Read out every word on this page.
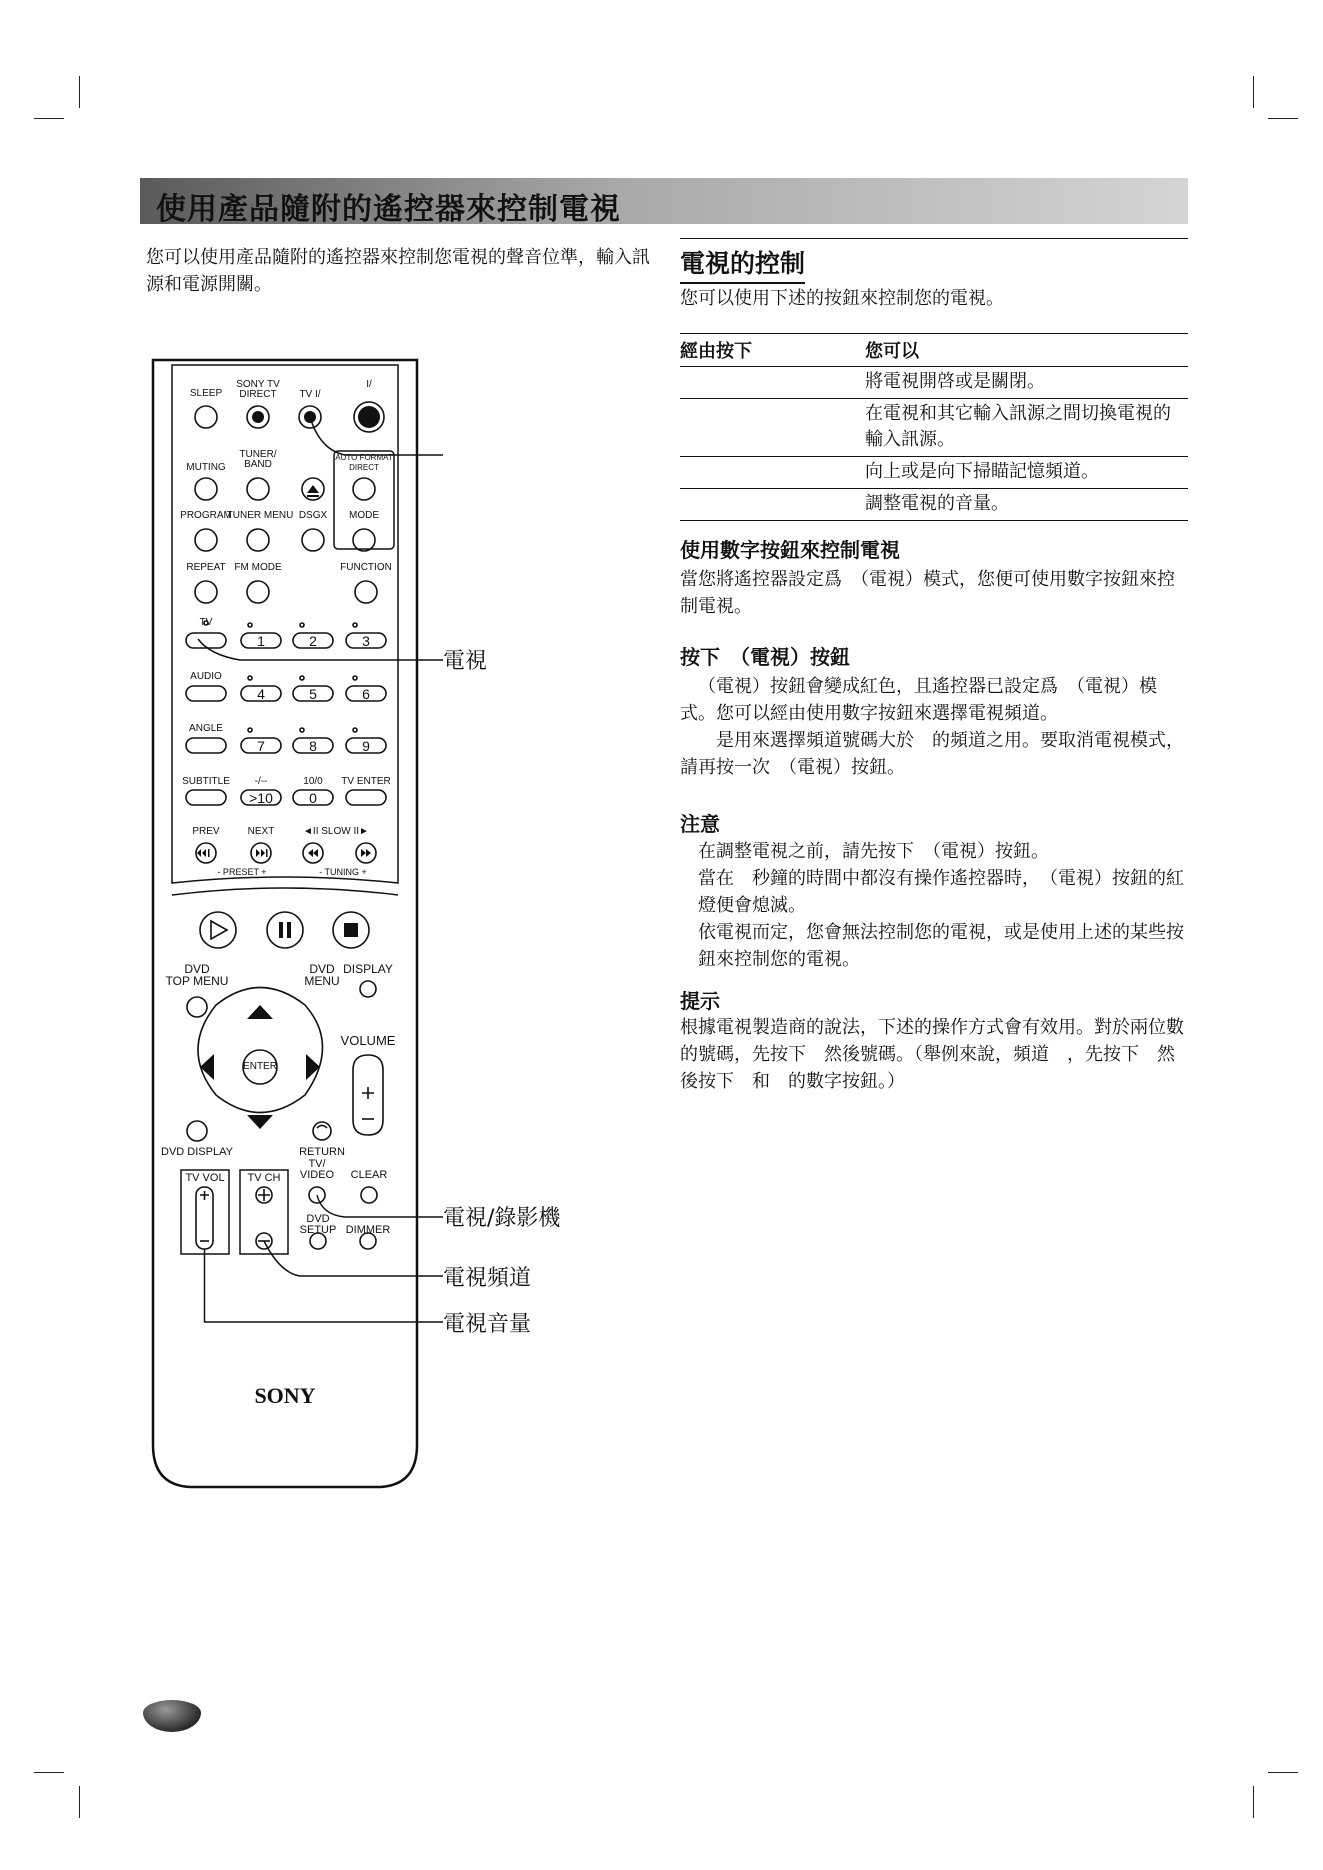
使用產品隨附的遙控器來控制電視
您可以使用產品隨附的遙控器來控制您電視的聲音位準，輸入訊源和電源開關。
電視的控制
您可以使用下述的按鈕來控制您的電視。
經由按下	您可以
	將電視開啓或是關閉。
	在電視和其它輸入訊源之間切換電視的輸入訊源。
	向上或是向下掃瞄記憶頻道。
	調整電視的音量。
使用數字按鈕來控制電視
當您將遙控器設定爲　（電視）模式，您便可使用數字按鈕來控制電視。
按下　（電視）按鈕

（電視）按鈕會變成紅色，且遙控器已設定爲　（電視）模式。您可以經由使用數字按鈕來選擇電視頻道。

是用來選擇頻道號碼大於　的頻道之用。要取消電視模式，請再按一次　（電視）按鈕。

注意
在調整電視之前，請先按下　（電視）按鈕。
當在　秒鐘的時間中都沒有操作遙控器時，　（電視）按鈕的紅燈便會熄滅。
依電視而定，您會無法控制您的電視，或是使用上述的某些按鈕來控制您的電視。
提示
根據電視製造商的說法，下述的操作方式會有效用。對於兩位數的號碼，先按下　然後號碼。（舉例來說，頻道　，先按下　然後按下　和　的數字按鈕。）
SLEEP
SONY TV
DIRECT TV I/
I/
MUTING
TUNER/
BAND
AUTO FORMAT
DIRECT
PROGRAM
TUNER MENU DSGX MODE
REPEAT FM MODE	FUNCTION
TV
AUDIO
ANGLE
SUBTITLE -/--	10/0 TV ENTER
PREV	NEXT	◄II SLOW II►
- PRESET +	- TUNING +
DVD
TOP MENU
DVD
MENU
DISPLAY
VOLUME
ENTER
DVD DISPLAY	RETURN
TV VOL TV CH
TV/
VIDEO CLEAR
DVD
SETUP DIMMER
SONY
1	2	3
4	5	6
7	8	9
>10	0
電視
電視/錄影機
電視頻道
電視音量
